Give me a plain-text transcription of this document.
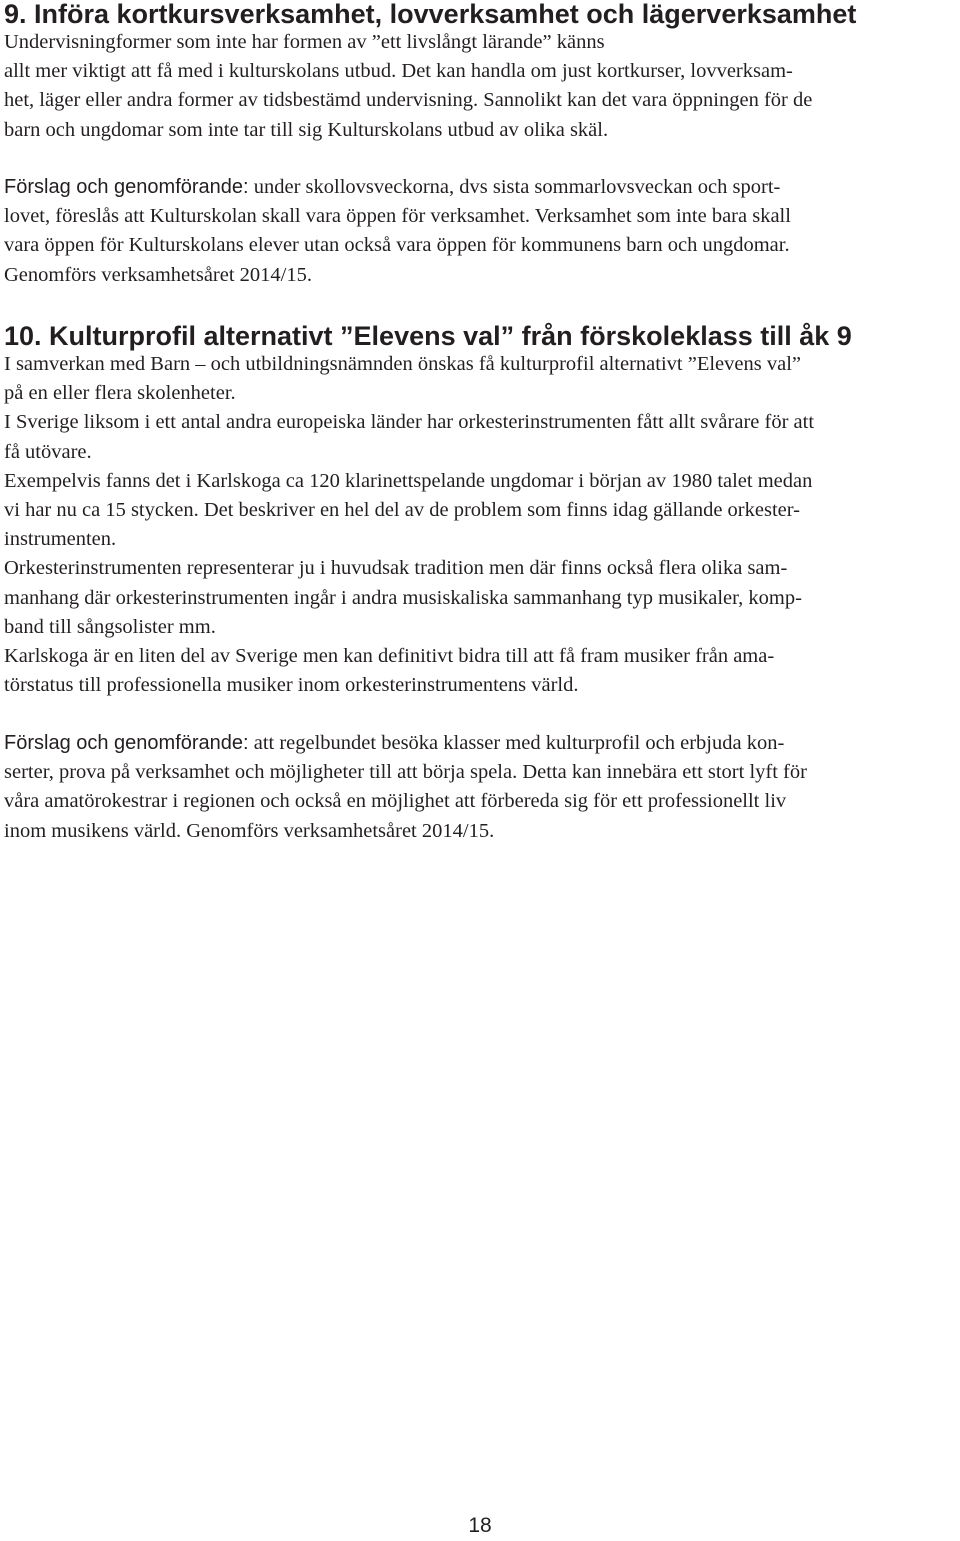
9. Införa kortkursverksamhet, lovverksamhet och lägerverksamhet

Undervisningformer som inte har formen av ”ett livslångt lärande” känns

allt mer viktigt att få med i kulturskolans utbud. Det kan handla om just kortkurser, lovverksam-

het, läger eller andra former av tidsbestämd undervisning. Sannolikt kan det vara öppningen för de

barn och ungdomar som inte tar till sig Kulturskolans utbud av olika skäl.

Förslag och genomförande: under skollovsveckorna, dvs sista sommarlovsveckan och sport-

lovet, föreslås att Kulturskolan skall vara öppen för verksamhet. Verksamhet som inte bara skall

vara öppen för Kulturskolans elever utan också vara öppen för kommunens barn och ungdomar.

Genomförs verksamhetsåret 2014/15.

10. Kulturprofil alternativt ”Elevens val” från förskoleklass till åk 9

I samverkan med Barn – och utbildningsnämnden önskas få kulturprofil alternativt ”Elevens val”

på en eller flera skolenheter.

I Sverige liksom i ett antal andra europeiska länder har orkesterinstrumenten fått allt svårare för att

få utövare.

Exempelvis fanns det i Karlskoga ca 120 klarinettspelande ungdomar i början av 1980 talet medan

vi har nu ca 15 stycken. Det beskriver en hel del av de problem som finns idag gällande orkester-

instrumenten.

Orkesterinstrumenten representerar ju i huvudsak tradition men där finns också flera olika sam-

manhang där orkesterinstrumenten ingår i andra musiskaliska sammanhang typ musikaler, komp-

band till sångsolister mm.

Karlskoga är en liten del av Sverige men kan definitivt bidra till att få fram musiker från ama-

törstatus till professionella musiker inom orkesterinstrumentens värld.

Förslag och genomförande: att regelbundet besöka klasser med kulturprofil och erbjuda kon-

serter, prova på verksamhet och möjligheter till att börja spela. Detta kan innebära ett stort lyft för

våra amatörokestrar i regionen och också en möjlighet att förbereda sig för ett professionellt liv

inom musikens värld. Genomförs verksamhetsåret 2014/15.

18
